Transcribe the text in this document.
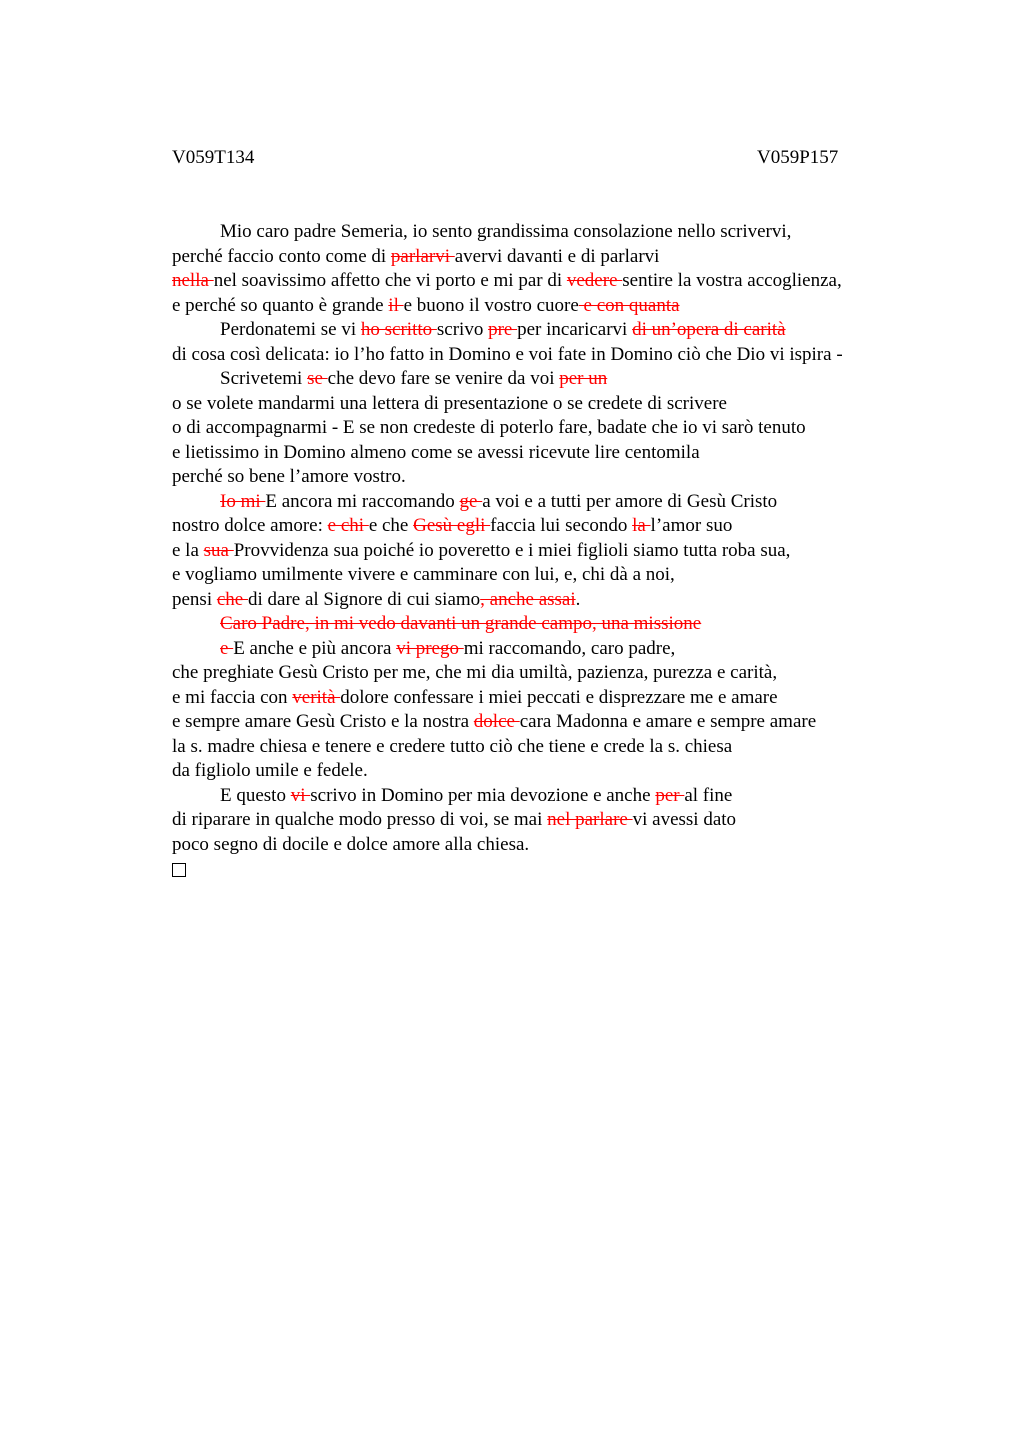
V059T134	V059P157
Mio caro padre Semeria, io sento grandissima consolazione nello scrivervi,
perché faccio conto come di parlarvi avervi davanti e di parlarvi
nella nel soavissimo affetto che vi porto e mi par di vedere sentire la vostra accoglienza,
e perché so quanto è grande il e buono il vostro cuore e con quanta
Perdonatemi se vi ho scritto scrivo pre per incaricarvi di un’opera di carità
di cosa così delicata: io l’ho fatto in Domino e voi fate in Domino ciò che Dio vi ispira -
Scrivetemi se che devo fare se venire da voi per un
o se volete mandarmi una lettera di presentazione o se credete di scrivere
o di accompagnarmi - E se non credeste di poterlo fare, badate che io vi sarò tenuto
e lietissimo in Domino almeno come se avessi ricevute lire centomila
perché so bene l’amore vostro.
Io mi E ancora mi raccomando ge a voi e a tutti per amore di Gesù Cristo
nostro dolce amore: e chi e che Gesù egli faccia lui secondo la l’amor suo
e la sua Provvidenza sua poiché io poveretto e i miei figlioli siamo tutta roba sua,
e vogliamo umilmente vivere e camminare con lui, e, chi dà a noi,
pensi che di dare al Signore di cui siamo, anche assai.
Caro Padre, in mi vedo davanti un grande campo, una missione
e E anche e più ancora vi prego mi raccomando, caro padre,
che preghiate Gesù Cristo per me, che mi dia umiltà, pazienza, purezza e carità,
e mi faccia con verità dolore confessare i miei peccati e disprezzare me e amare
e sempre amare Gesù Cristo e la nostra dolce cara Madonna e amare e sempre amare
la s. madre chiesa e tenere e credere tutto ciò che tiene e crede la s. chiesa
da figliolo umile e fedele.
E questo vi scrivo in Domino per mia devozione e anche per al fine
di riparare in qualche modo presso di voi, se mai nel parlare vi avessi dato
poco segno di docile e dolce amore alla chiesa.
